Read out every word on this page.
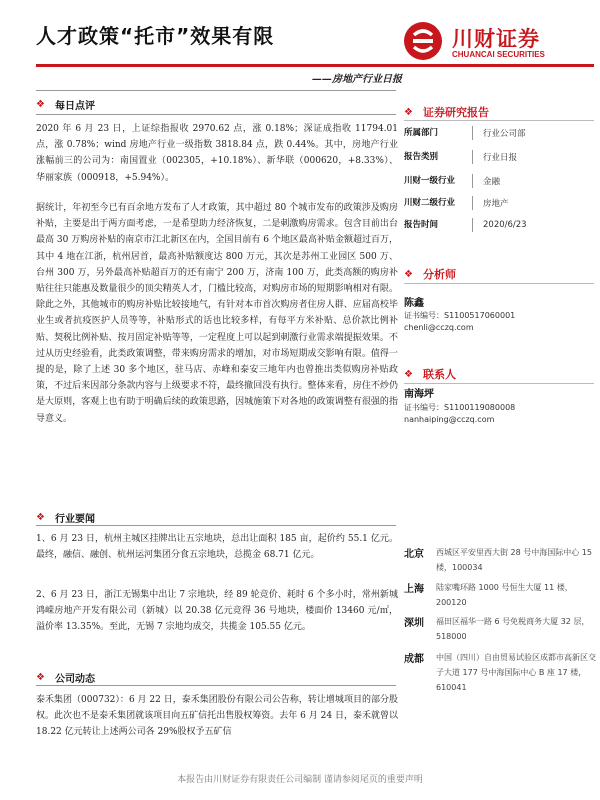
人才政策“托市”效果有限	川财证券
CHUANCAI SECURITIES
——房地产行业日报
❖ 每日点评

2020 年 6 月 23 日，上证综指报收 2970.62 点，涨 0.18%；深证成指收 11794.01 点，涨 0.78%；wind 房地产行业一级指数 3818.84 点，跌 0.44%。其中，房地产行业涨幅前三的公司为：南国置业（002305，+10.18%）、新华联（000620，+8.33%）、华丽家族（000918，+5.94%）。

据统计，年初至今已有百余地方发布了人才政策，其中超过 80 个城市发布的政策涉及购房补贴，主要是出于两方面考虑，一是希望助力经济恢复，二是刺激购房需求。包含目前出台最高 30 万购房补贴的南京市江北新区在内，全国目前有 6 个地区最高补贴金额超过百万，其中 4 地在江浙，杭州居首，最高补贴额度达 800 万元，其次是苏州工业园区 500 万、台州 300 万，另外最高补贴超百万的还有南宁 200 万，济南 100 万，此类高额的购房补贴往往只能惠及数量很少的顶尖精英人才，门槛比较高，对购房市场的短期影响相对有限。除此之外，其他城市的购房补贴比较接地气，有针对本市首次购房者住房人群、应届高校毕业生或者抗疫医护人员等等，补贴形式的话也比较多样，有每平方米补贴、总价款比例补贴、契税比例补贴、按月固定补贴等等，一定程度上可以起到刺激行业需求端提振效果。不过从历史经验看，此类政策调整，带来购房需求的增加，对市场短期成交影响有限。值得一提的是，除了上述 30 多个地区，驻马店、赤峰和泰安三地年内也曾推出类似购房补贴政策，不过后来因部分条款内容与上级要求不符，最终撤回没有执行。整体来看，房住不炒仍是大原则，客观上也有助于明确后续的政策思路，因城施策下对各地的政策调整有很强的指导意义。

❖ 行业要闻

1、6 月 23 日，杭州主城区挂牌出让五宗地块，总出让面积 185 亩，起价约 55.1 亿元。最终，融信、融创、杭州运河集团分食五宗地块，总揽金 68.71 亿元。

2、6 月 23 日，浙江无锡集中出让 7 宗地块，经 89 轮竞价、耗时 6 个多小时，常州新城鸿嵘房地产开发有限公司（新城）以 20.38 亿元竞得 36 号地块，楼面价 13460 元/㎡，溢价率 13.35%。至此，无锡 7 宗地均成交，共揽金 105.55 亿元。

❖ 公司动态

泰禾集团（000732）：6 月 22 日，泰禾集团股份有限公司公告称，转让增城项目的部分股权。此次也不是泰禾集团就该项目向五矿信托出售股权筹资。去年 6 月 24 日，泰禾就曾以 18.22 亿元转让上述两公司各 29%股权予五矿信

❖ 证券研究报告
所属部门	行业公司部
报告类别	行业日报
川财一级行业	金融
川财二级行业	房地产
报告时间	2020/6/23
❖ 分析师
陈鑫
证书编号：S1100517060001
chenli@cczq.com
❖ 联系人
南海坪
证书编号：S1100119080008
nanhaiping@cczq.com
北京 西城区平安里西大街 28 号中海国际中心 15 楼，100034
上海 陆家嘴环路 1000 号恒生大厦 11 楼，200120
深圳 福田区福华一路 6 号免税商务大厦 32 层，518000
成都 中国（四川）自由贸易试验区成都市高新区交子大道 177 号中海国际中心 B 座 17 楼，610041
本报告由川财证券有限责任公司编制 谨请参阅尾页的重要声明
